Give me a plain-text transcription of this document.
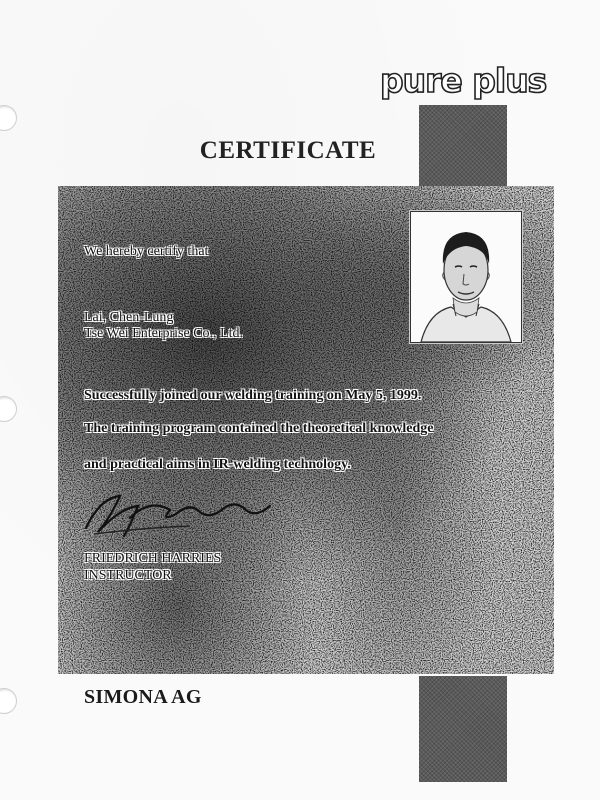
pure plus
CERTIFICATE
We hereby certify that
Lai, Chen-Lung
Tse Wei Enterprise Co., Ltd.
Successfully joined our welding training on May 5, 1999.
The training program contained the theoretical knowledge
and practical aims in IR-welding technology.
FRIEDRICH HARRIES
INSTRUCTOR
SIMONA AG
